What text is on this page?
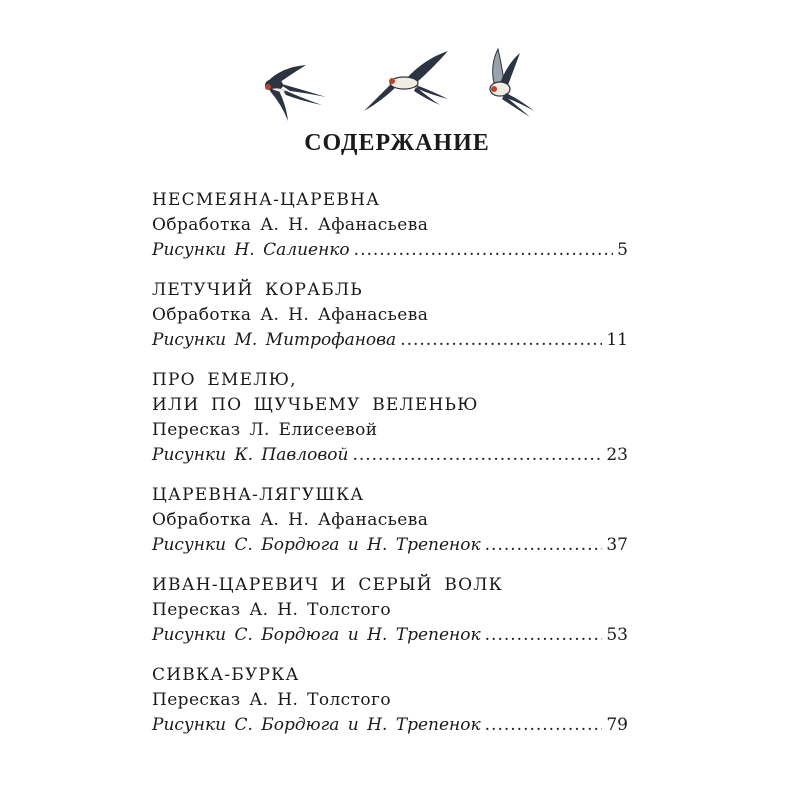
СОДЕРЖАНИЕ
НЕСМЕЯНА-ЦАРЕВНА
Обработка А. Н. Афанасьева
Рисунки Н. Салиенко .....	5
ЛЕТУЧИЙ КОРАБЛЬ
Обработка А. Н. Афанасьева
Рисунки М. Митрофанова .....	11
ПРО ЕМЕЛЮ,
ИЛИ ПО ЩУЧЬЕМУ ВЕЛЕНЬЮ
Пересказ Л. Елисеевой
Рисунки К. Павловой .....	23
ЦАРЕВНА-ЛЯГУШКА
Обработка А. Н. Афанасьева
Рисунки С. Бордюга и Н. Трепенок .....	37
ИВАН-ЦАРЕВИЧ И СЕРЫЙ ВОЛК
Пересказ А. Н. Толстого
Рисунки С. Бордюга и Н. Трепенок .....	53
СИВКА-БУРКА
Пересказ А. Н. Толстого
Рисунки С. Бордюга и Н. Трепенок .....	79
